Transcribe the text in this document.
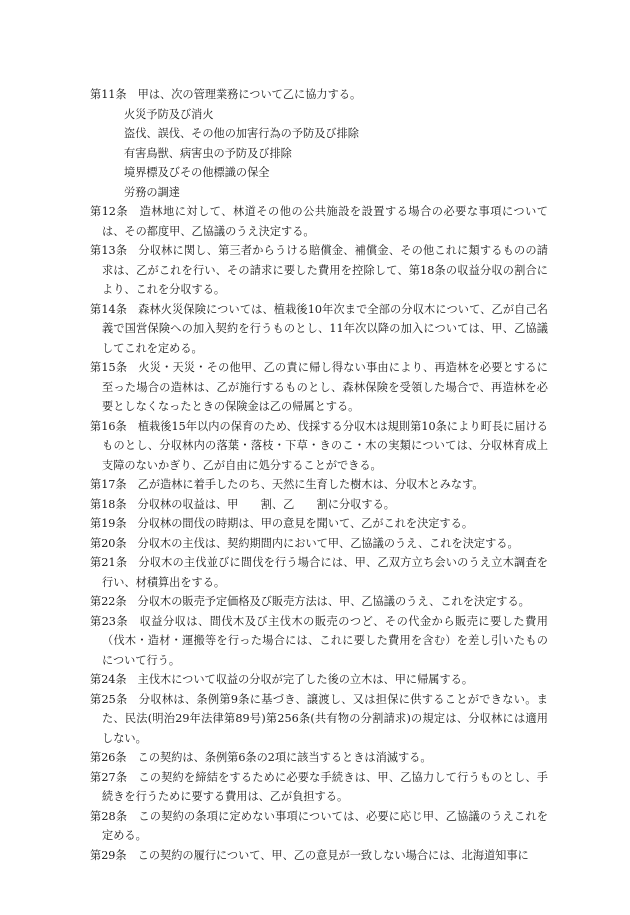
第11条 甲は、次の管理業務について乙に協力する。

火災予防及び消火
盗伐、誤伐、その他の加害行為の予防及び排除
有害鳥獣、病害虫の予防及び排除
境界標及びその他標識の保全
労務の調達

第12条 造林地に対して、林道その他の公共施設を設置する場合の必要な事項については、その都度甲、乙協議のうえ決定する。

第13条 分収林に関し、第三者からうける賠償金、補償金、その他これに類するものの請求は、乙がこれを行い、その請求に要した費用を控除して、第18条の収益分収の割合により、これを分収する。

第14条 森林火災保険については、植栽後10年次まで全部の分収木について、乙が自己名義で国営保険への加入契約を行うものとし、11年次以降の加入については、甲、乙協議してこれを定める。

第15条 火災・天災・その他甲、乙の責に帰し得ない事由により、再造林を必要とするに至った場合の造林は、乙が施行するものとし、森林保険を受領した場合で、再造林を必要としなくなったときの保険金は乙の帰属とする。

第16条 植栽後15年以内の保育のため、伐採する分収木は規則第10条により町長に届けるものとし、分収林内の落葉・落枝・下草・きのこ・木の実類については、分収林育成上支障のないかぎり、乙が自由に処分することができる。

第17条 乙が造林に着手したのち、天然に生育した樹木は、分収木とみなす。

第18条 分収林の収益は、甲　　割、乙　　割に分収する。

第19条 分収林の間伐の時期は、甲の意見を聞いて、乙がこれを決定する。

第20条 分収木の主伐は、契約期間内において甲、乙協議のうえ、これを決定する。

第21条 分収木の主伐並びに間伐を行う場合には、甲、乙双方立ち会いのうえ立木調査を行い、材積算出をする。

第22条 分収木の販売予定価格及び販売方法は、甲、乙協議のうえ、これを決定する。

第23条 収益分収は、間伐木及び主伐木の販売のつど、その代金から販売に要した費用（伐木・造材・運搬等を行った場合には、これに要した費用を含む）を差し引いたものについて行う。

第24条 主伐木について収益の分収が完了した後の立木は、甲に帰属する。

第25条 分収林は、条例第9条に基づき、譲渡し、又は担保に供することができない。また、民法(明治29年法律第89号)第256条(共有物の分割請求)の規定は、分収林には適用しない。

第26条 この契約は、条例第6条の2項に該当するときは消滅する。

第27条 この契約を締結をするために必要な手続きは、甲、乙協力して行うものとし、手続きを行うために要する費用は、乙が負担する。

第28条 この契約の条項に定めない事項については、必要に応じ甲、乙協議のうえこれを定める。

第29条 この契約の履行について、甲、乙の意見が一致しない場合には、北海道知事に
